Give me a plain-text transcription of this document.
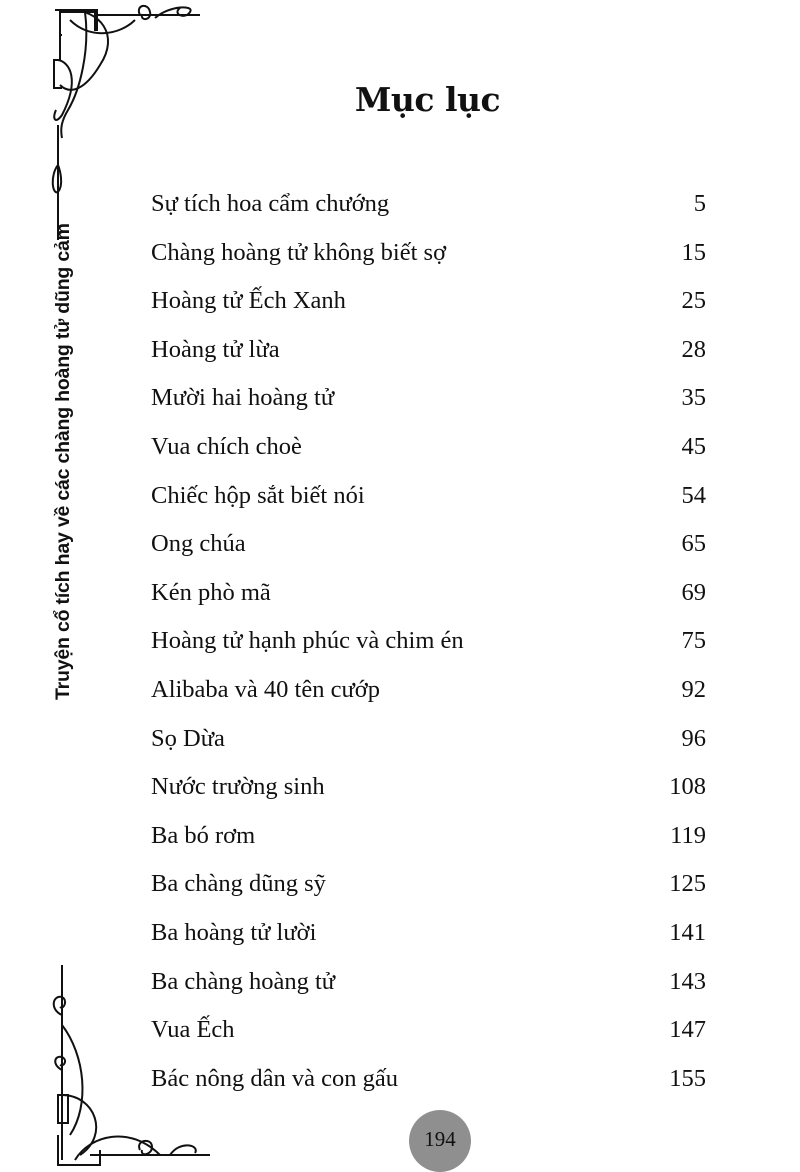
Truyện cổ tích hay về các chàng hoàng tử dũng cảm
Mục lục
Sự tích hoa cẩm chướng	5
Chàng hoàng tử không biết sợ	15
Hoàng tử Ếch Xanh	25
Hoàng tử lừa	28
Mười hai hoàng tử	35
Vua chích choè	45
Chiếc hộp sắt biết nói	54
Ong chúa	65
Kén phò mã	69
Hoàng tử hạnh phúc và chim én	75
Alibaba và 40 tên cướp	92
Sọ Dừa	96
Nước trường sinh	108
Ba bó rơm	119
Ba chàng dũng sỹ	125
Ba hoàng tử lười	141
Ba chàng hoàng tử	143
Vua Ếch	147
Bác nông dân và con gấu	155
194
